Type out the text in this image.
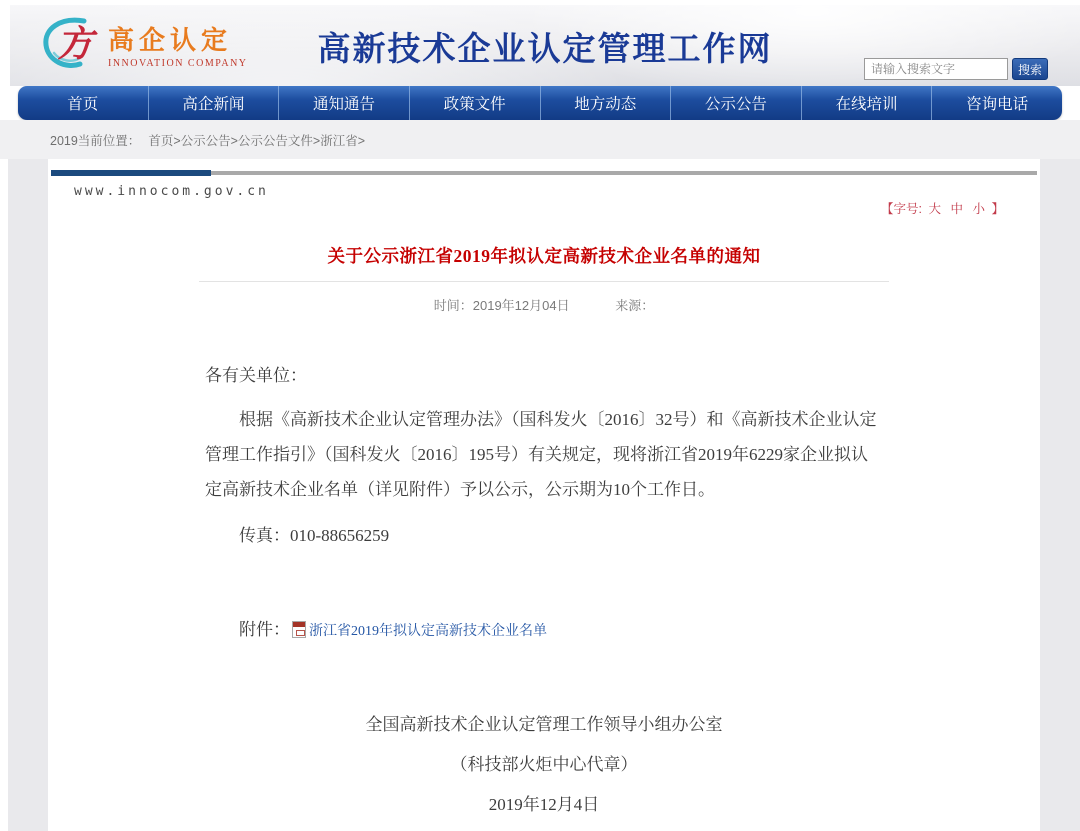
方 高企认定
INNOVATION COMPANY	高新技术企业认定管理工作网
请输入搜索文字
搜索
首页	高企新闻	通知通告	政策文件	地方动态	公示公告	在线培训	咨询电话
2019当前位置： 首页>公示公告>公示公告文件>浙江省>
www.innocom.gov.cn
【字号: 大 中 小 】
关于公示浙江省2019年拟认定高新技术企业名单的通知
时间：2019年12月04日	来源：

各有关单位：

根据《高新技术企业认定管理办法》（国科发火〔2016〕32号）和《高新技术企业认定管理工作指引》（国科发火〔2016〕195号）有关规定，现将浙江省2019年6229家企业拟认定高新技术企业名单（详见附件）予以公示，公示期为10个工作日。

传真：010-88656259

附件： 浙江省2019年拟认定高新技术企业名单

全国高新技术企业认定管理工作领导小组办公室

（科技部火炬中心代章）

2019年12月4日
